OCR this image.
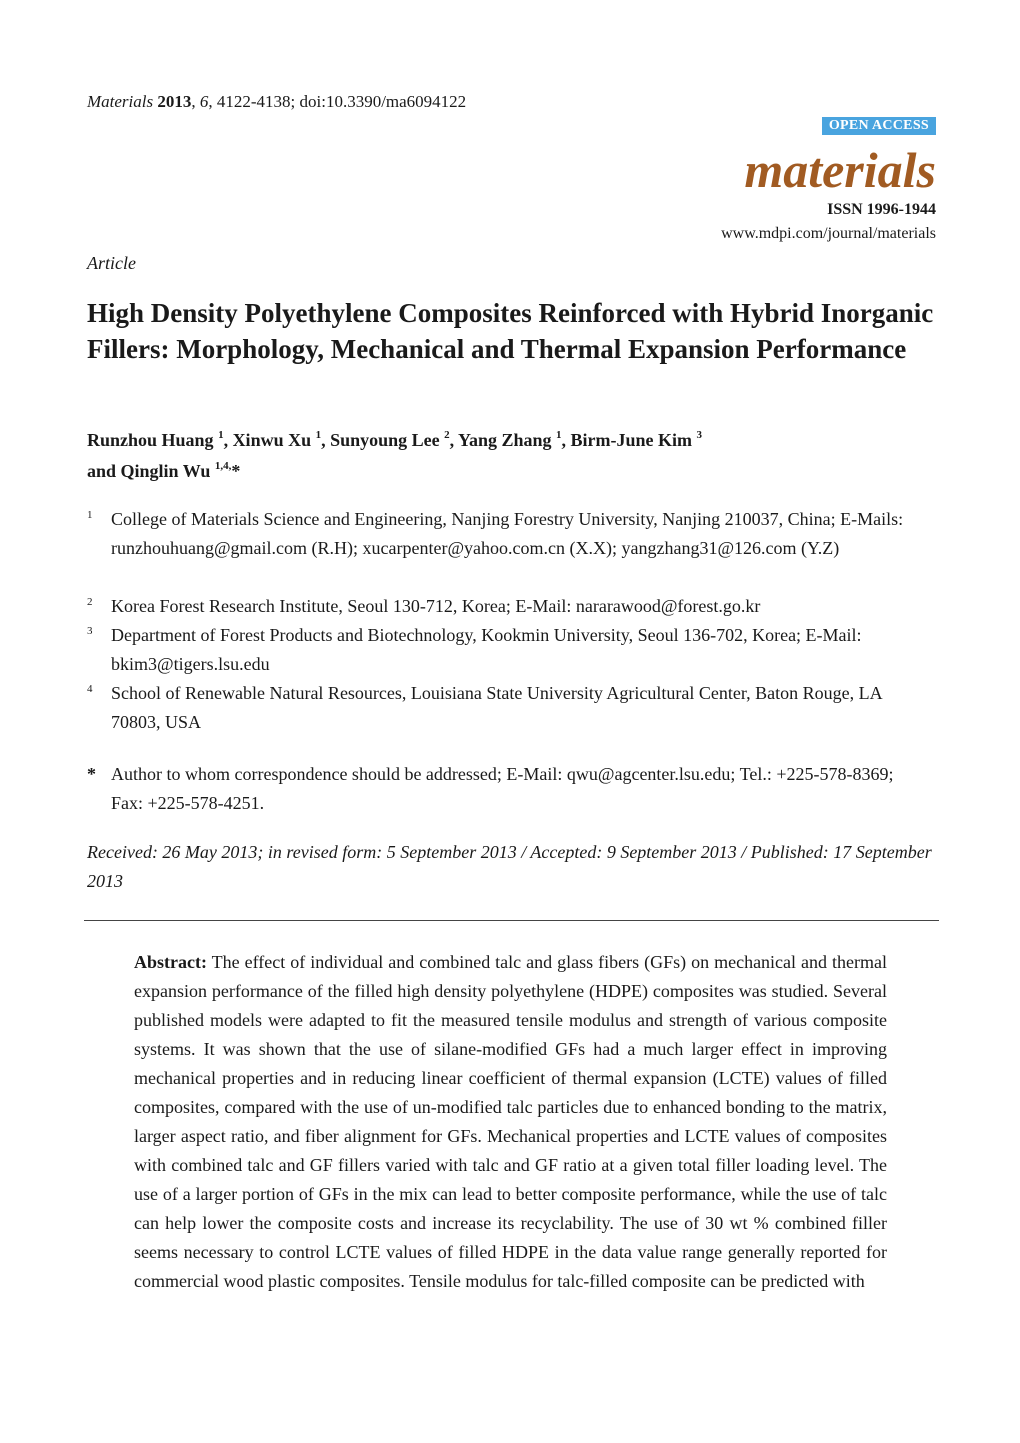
Materials 2013, 6, 4122-4138; doi:10.3390/ma6094122
OPEN ACCESS
materials
ISSN 1996-1944
www.mdpi.com/journal/materials
Article
High Density Polyethylene Composites Reinforced with Hybrid Inorganic Fillers: Morphology, Mechanical and Thermal Expansion Performance
Runzhou Huang $^1$, Xinwu Xu $^1$, Sunyoung Lee $^2$, Yang Zhang $^1$, Birm-June Kim $^3$
and Qinglin Wu $^{1,4,}$*
1 College of Materials Science and Engineering, Nanjing Forestry University, Nanjing 210037, China; E-Mails: runzhouhuang@gmail.com (R.H); xucarpenter@yahoo.com.cn (X.X); yangzhang31@126.com (Y.Z)
2 Korea Forest Research Institute, Seoul 130-712, Korea; E-Mail: nararawood@forest.go.kr
3 Department of Forest Products and Biotechnology, Kookmin University, Seoul 136-702, Korea; E-Mail: bkim3@tigers.lsu.edu
4 School of Renewable Natural Resources, Louisiana State University Agricultural Center, Baton Rouge, LA 70803, USA
* Author to whom correspondence should be addressed; E-Mail: qwu@agcenter.lsu.edu; Tel.: +225-578-8369; Fax: +225-578-4251.
Received: 26 May 2013; in revised form: 5 September 2013 / Accepted: 9 September 2013 / Published: 17 September 2013
Abstract: The effect of individual and combined talc and glass fibers (GFs) on mechanical and thermal expansion performance of the filled high density polyethylene (HDPE) composites was studied. Several published models were adapted to fit the measured tensile modulus and strength of various composite systems. It was shown that the use of silane-modified GFs had a much larger effect in improving mechanical properties and in reducing linear coefficient of thermal expansion (LCTE) values of filled composites, compared with the use of un-modified talc particles due to enhanced bonding to the matrix, larger aspect ratio, and fiber alignment for GFs. Mechanical properties and LCTE values of composites with combined talc and GF fillers varied with talc and GF ratio at a given total filler loading level. The use of a larger portion of GFs in the mix can lead to better composite performance, while the use of talc can help lower the composite costs and increase its recyclability. The use of 30 wt % combined filler seems necessary to control LCTE values of filled HDPE in the data value range generally reported for commercial wood plastic composites. Tensile modulus for talc-filled composite can be predicted with
